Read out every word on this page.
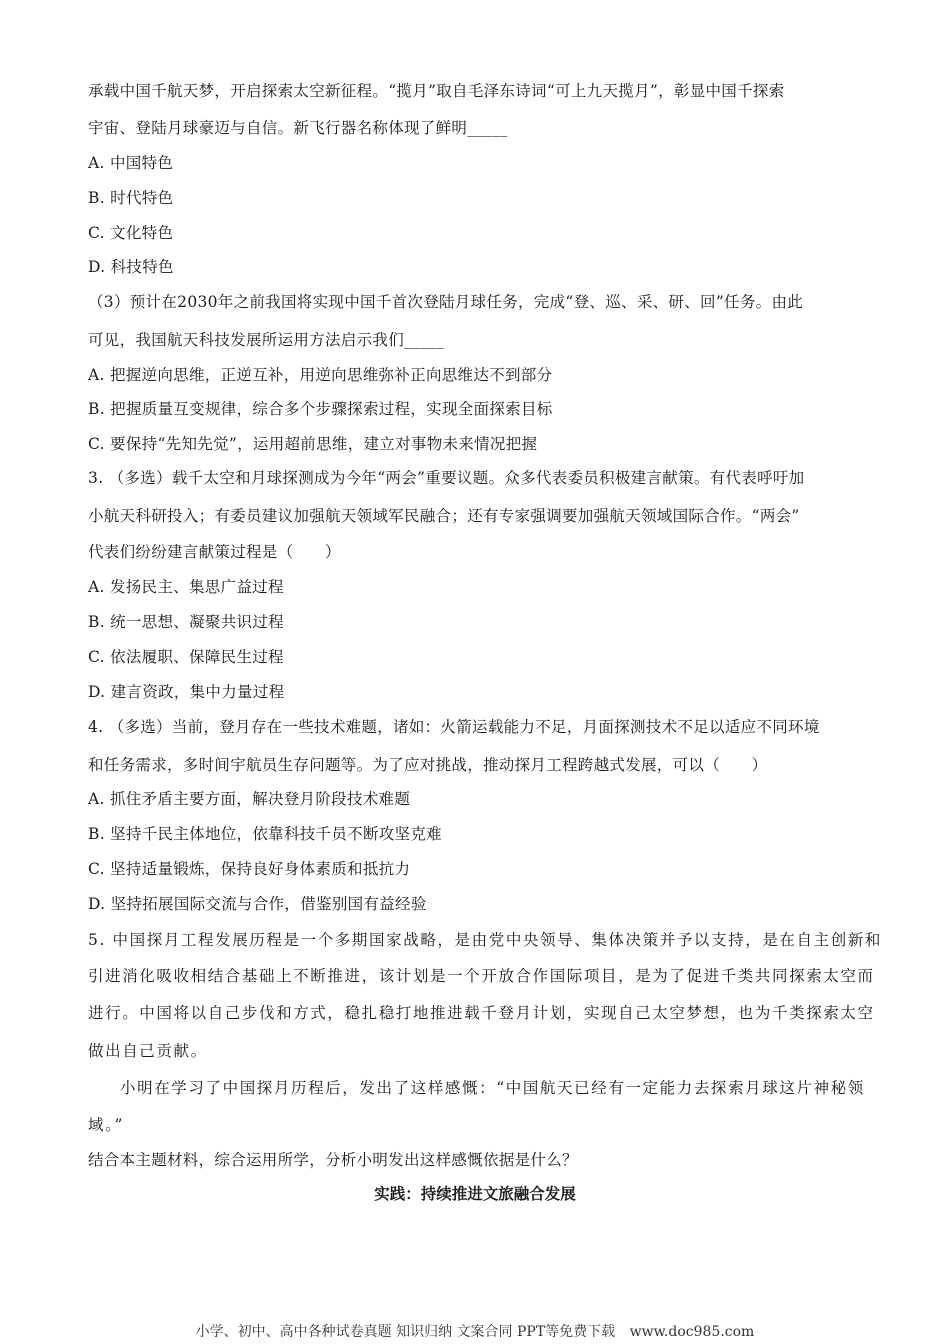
承载中国千航天梦，开启探索太空新征程。“揽月”取自毛泽东诗词“可上九天揽月”，彰显中国千探索
宇宙、登陆月球豪迈与自信。新飞行器名称体现了鲜明_____
A. 中国特色
B. 时代特色
C. 文化特色
D. 科技特色
（3）预计在2030年之前我国将实现中国千首次登陆月球任务，完成“登、巡、采、研、回”任务。由此
可见，我国航天科技发展所运用方法启示我们_____
A. 把握逆向思维，正逆互补，用逆向思维弥补正向思维达不到部分
B. 把握质量互变规律，综合多个步骤探索过程，实现全面探索目标
C. 要保持“先知先觉”，运用超前思维，建立对事物未来情况把握
3. （多选）载千太空和月球探测成为今年“两会”重要议题。众多代表委员积极建言献策。有代表呼吁加
小航天科研投入；有委员建议加强航天领域军民融合；还有专家强调要加强航天领域国际合作。“两会”
代表们纷纷建言献策过程是（　　）
A. 发扬民主、集思广益过程
B. 统一思想、凝聚共识过程
C. 依法履职、保障民生过程
D. 建言资政，集中力量过程
4. （多选）当前，登月存在一些技术难题，诸如：火箭运载能力不足，月面探测技术不足以适应不同环境
和任务需求，多时间宇航员生存问题等。为了应对挑战，推动探月工程跨越式发展，可以（　　）
A. 抓住矛盾主要方面，解决登月阶段技术难题
B. 坚持千民主体地位，依靠科技千员不断攻坚克难
C. 坚持适量锻炼，保持良好身体素质和抵抗力
D. 坚持拓展国际交流与合作，借鉴别国有益经验
5. 中国探月工程发展历程是一个多期国家战略，是由党中央领导、集体决策并予以支持，是在自主创新和
引进消化吸收相结合基础上不断推进，该计划是一个开放合作国际项目，是为了促进千类共同探索太空而
进行。中国将以自己步伐和方式，稳扎稳打地推进载千登月计划，实现自己太空梦想，也为千类探索太空
做出自己贡献。
小明在学习了中国探月历程后，发出了这样感慨：“中国航天已经有一定能力去探索月球这片神秘领
域。”
结合本主题材料，综合运用所学，分析小明发出这样感慨依据是什么？
实践：持续推进文旅融合发展
小学、初中、高中各种试卷真题 知识归纳 文案合同 PPT等免费下载 www.doc985.com
